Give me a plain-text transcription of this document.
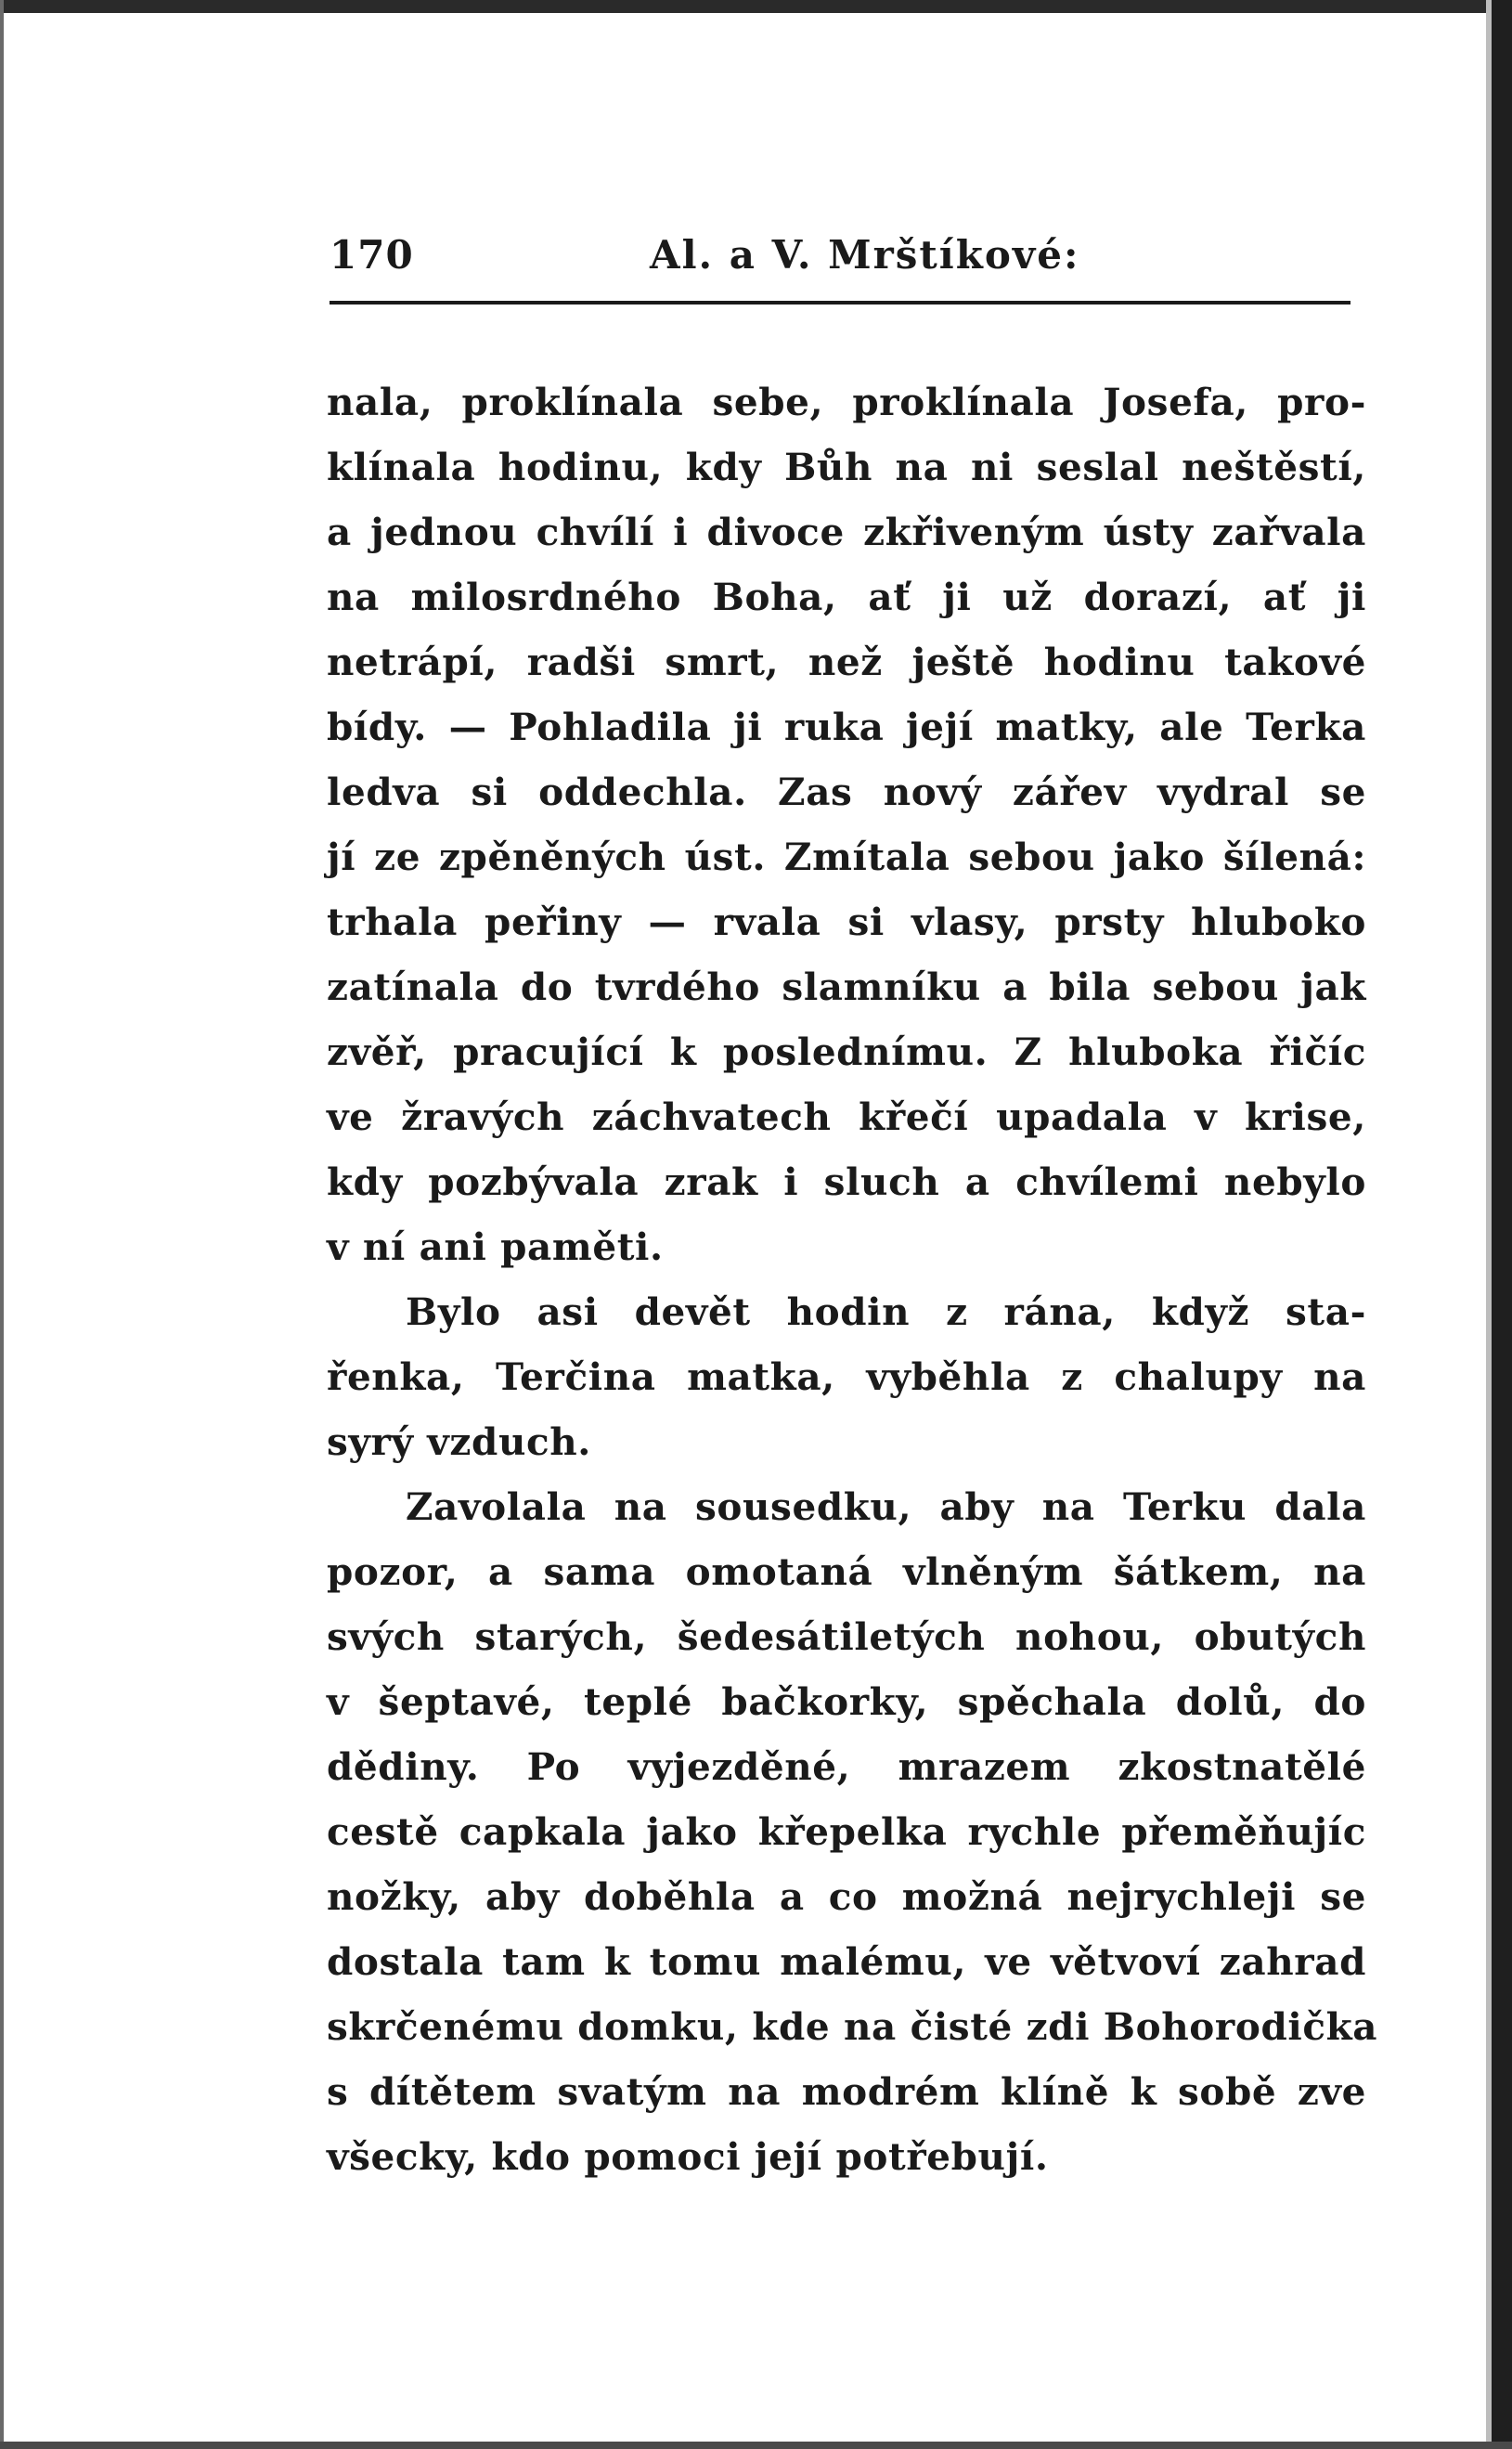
170	Al. a V. Mrštíkové:
nala, proklínala sebe, proklínala Josefa, pro-
klínala hodinu, kdy Bůh na ni seslal neštěstí,
a jednou chvílí i divoce zkřiveným ústy zařvala
na milosrdného Boha, ať ji už dorazí, ať ji
netrápí, radši smrt, než ještě hodinu takové
bídy. — Pohladila ji ruka její matky, ale Terka
ledva si oddechla. Zas nový zářev vydral se
jí ze zpěněných úst. Zmítala sebou jako šílená:
trhala peřiny — rvala si vlasy, prsty hluboko
zatínala do tvrdého slamníku a bila sebou jak
zvěř, pracující k poslednímu. Z hluboka řičíc
ve žravých záchvatech křečí upadala v krise,
kdy pozbývala zrak i sluch a chvílemi nebylo
v ní ani paměti.
Bylo asi devět hodin z rána, když sta-
řenka, Terčina matka, vyběhla z chalupy na
syrý vzduch.
Zavolala na sousedku, aby na Terku dala
pozor, a sama omotaná vlněným šátkem, na
svých starých, šedesátiletých nohou, obutých
v šeptavé, teplé bačkorky, spěchala dolů, do
dědiny. Po vyjezděné, mrazem zkostnatělé
cestě capkala jako křepelka rychle přeměňujíc
nožky, aby doběhla a co možná nejrychleji se
dostala tam k tomu malému, ve větvoví zahrad
skrčenému domku, kde na čisté zdi Bohorodička
s dítětem svatým na modrém klíně k sobě zve
všecky, kdo pomoci její potřebují.
